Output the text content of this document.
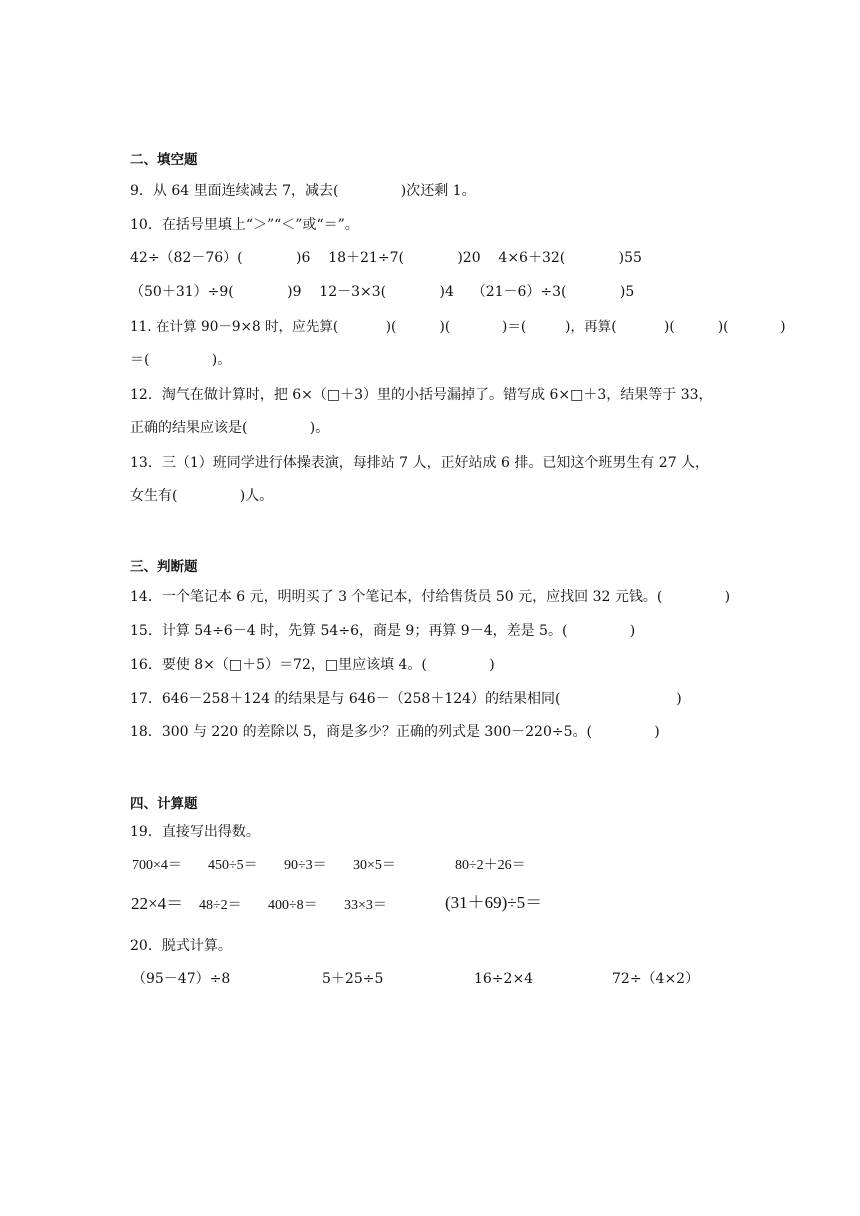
二、填空题
9．从 64 里面连续减去 7，减去(              )次还剩 1。
10．在括号里填上“＞”“＜”或“＝”。
42÷（82－76）(            )6    18＋21÷7(            )20    4×6＋32(            )55
（50＋31）÷9(            )9    12－3×3(            )4    （21－6）÷3(            )5
11. 在计算 90－9×8 时，应先算(           )(          )(            )＝(         )，再算(           )(          )(            )
＝(              )。
12．淘气在做计算时，把 6×（□＋3）里的小括号漏掉了。错写成 6×□＋3，结果等于 33，
正确的结果应该是(              )。
13．三（1）班同学进行体操表演，每排站 7 人，正好站成 6 排。已知这个班男生有 27 人，
女生有(              )人。
三、判断题
14．一个笔记本 6 元，明明买了 3 个笔记本，付给售货员 50 元，应找回 32 元钱。(              )
15．计算 54÷6－4 时，先算 54÷6，商是 9；再算 9－4，差是 5。(              )
16．要使 8×（□＋5）＝72，□里应该填 4。(              )
17．646－258＋124 的结果是与 646－（258＋124）的结果相同(                          )
18．300 与 220 的差除以 5，商是多少？正确的列式是 300－220÷5。(              )
四、计算题
19．直接写出得数。
700×4＝ 450÷5＝ 90÷3＝ 30×5＝	80÷2＋26＝
22×4＝ 48÷2＝ 400÷8＝ 33×3＝	(31＋69)÷5＝
20．脱式计算。
（95－47）÷8	5＋25÷5	16÷2×4	72÷（4×2）
